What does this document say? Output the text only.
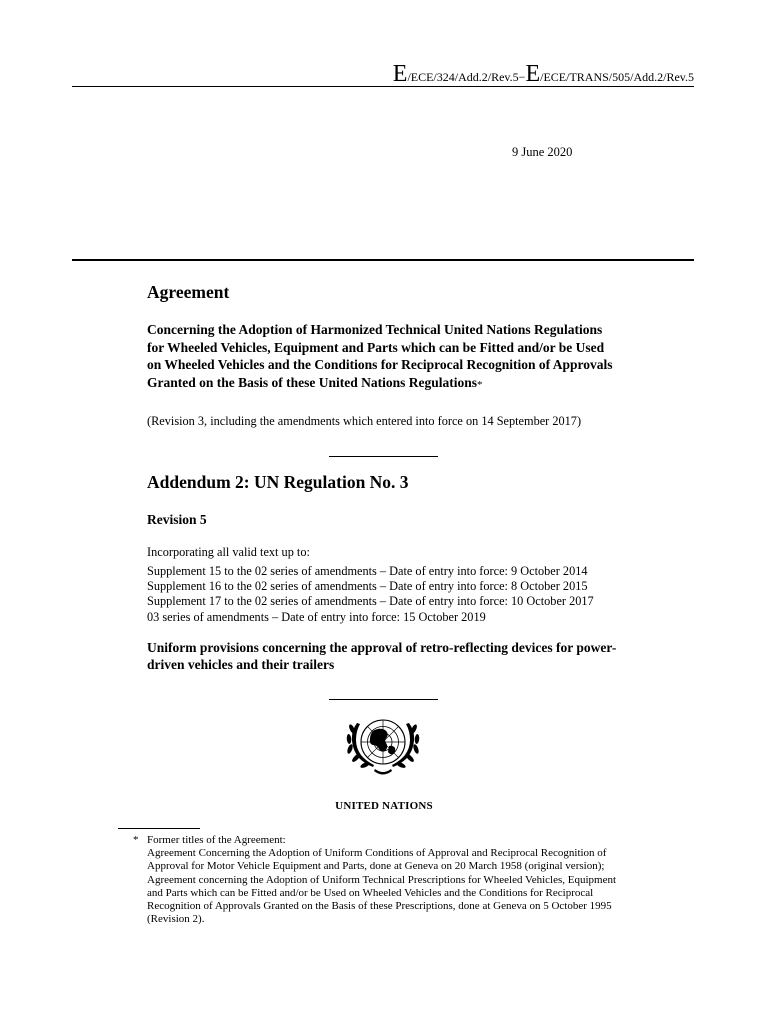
E/ECE/324/Add.2/Rev.5−E/ECE/TRANS/505/Add.2/Rev.5
9 June 2020
Agreement
Concerning the Adoption of Harmonized Technical United Nations Regulations for Wheeled Vehicles, Equipment and Parts which can be Fitted and/or be Used on Wheeled Vehicles and the Conditions for Reciprocal Recognition of Approvals Granted on the Basis of these United Nations Regulations*
(Revision 3, including the amendments which entered into force on 14 September 2017)
Addendum 2: UN Regulation No. 3
Revision 5
Incorporating all valid text up to:
Supplement 15 to the 02 series of amendments – Date of entry into force: 9 October 2014
Supplement 16 to the 02 series of amendments – Date of entry into force: 8 October 2015
Supplement 17 to the 02 series of amendments – Date of entry into force: 10 October 2017
03 series of amendments – Date of entry into force: 15 October 2019
Uniform provisions concerning the approval of retro-reflecting devices for power-driven vehicles and their trailers
UNITED NATIONS
* Former titles of the Agreement:
Agreement Concerning the Adoption of Uniform Conditions of Approval and Reciprocal Recognition of Approval for Motor Vehicle Equipment and Parts, done at Geneva on 20 March 1958 (original version);
Agreement concerning the Adoption of Uniform Technical Prescriptions for Wheeled Vehicles, Equipment and Parts which can be Fitted and/or be Used on Wheeled Vehicles and the Conditions for Reciprocal Recognition of Approvals Granted on the Basis of these Prescriptions, done at Geneva on 5 October 1995 (Revision 2).
